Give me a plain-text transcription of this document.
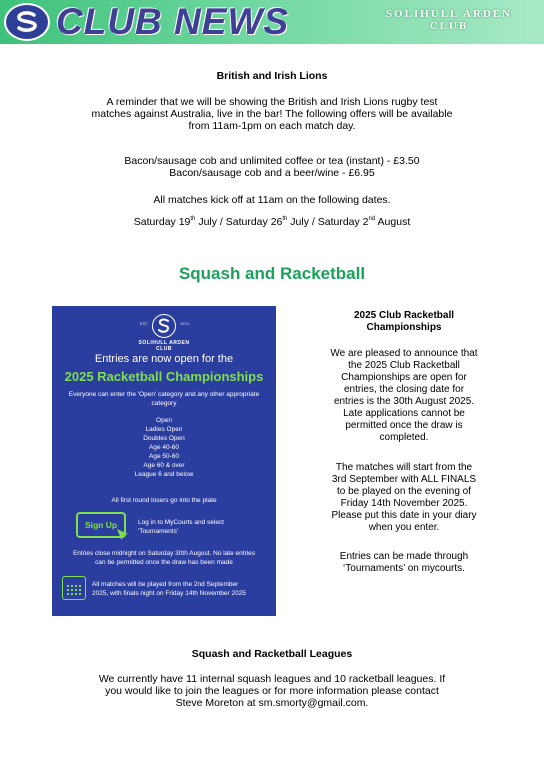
CLUB NEWS	SOLIHULL ARDEN
CLUB
British and Irish Lions
A reminder that we will be showing the British and Irish Lions rugby test
matches against Australia, live in the bar! The following offers will be available
from 11am-1pm on each match day.
Bacon/sausage cob and unlimited coffee or tea (instant) - £3.50
Bacon/sausage cob and a beer/wine - £6.95
All matches kick off at 11am on the following dates.
Saturday 19th July / Saturday 26th July / Saturday 2nd August
Squash and Racketball
EST	1974
SOLIHULL ARDEN
CLUB
Entries are now open for the
2025 Racketball Championships
Everyone can enter the 'Open' category and any other appropriate category
Open
Ladies Open
Doubles Open
Age 40-60
Age 50-60
Age 60 & over
League 6 and below
All first round losers go into the plate
Sign Up	Log in to MyCourts and select
'Tournaments'
Entries close midnight on Saturday 30th August. No late entries
can be permitted once the draw has been made
All matches will be played from the 2nd September
2025, with finals night on Friday 14th November 2025
2025 Club Racketball
Championships
We are pleased to announce that
the 2025 Club Racketball
Championships are open for
entries, the closing date for
entries is the 30th August 2025.
Late applications cannot be
permitted once the draw is
completed.
The matches will start from the
3rd September with ALL FINALS
to be played on the evening of
Friday 14th November 2025.
Please put this date in your diary
when you enter.
Entries can be made through
‘Tournaments’ on mycourts.
Squash and Racketball Leagues
We currently have 11 internal squash leagues and 10 racketball leagues. If
you would like to join the leagues or for more information please contact
Steve Moreton at sm.smorty@gmail.com.
